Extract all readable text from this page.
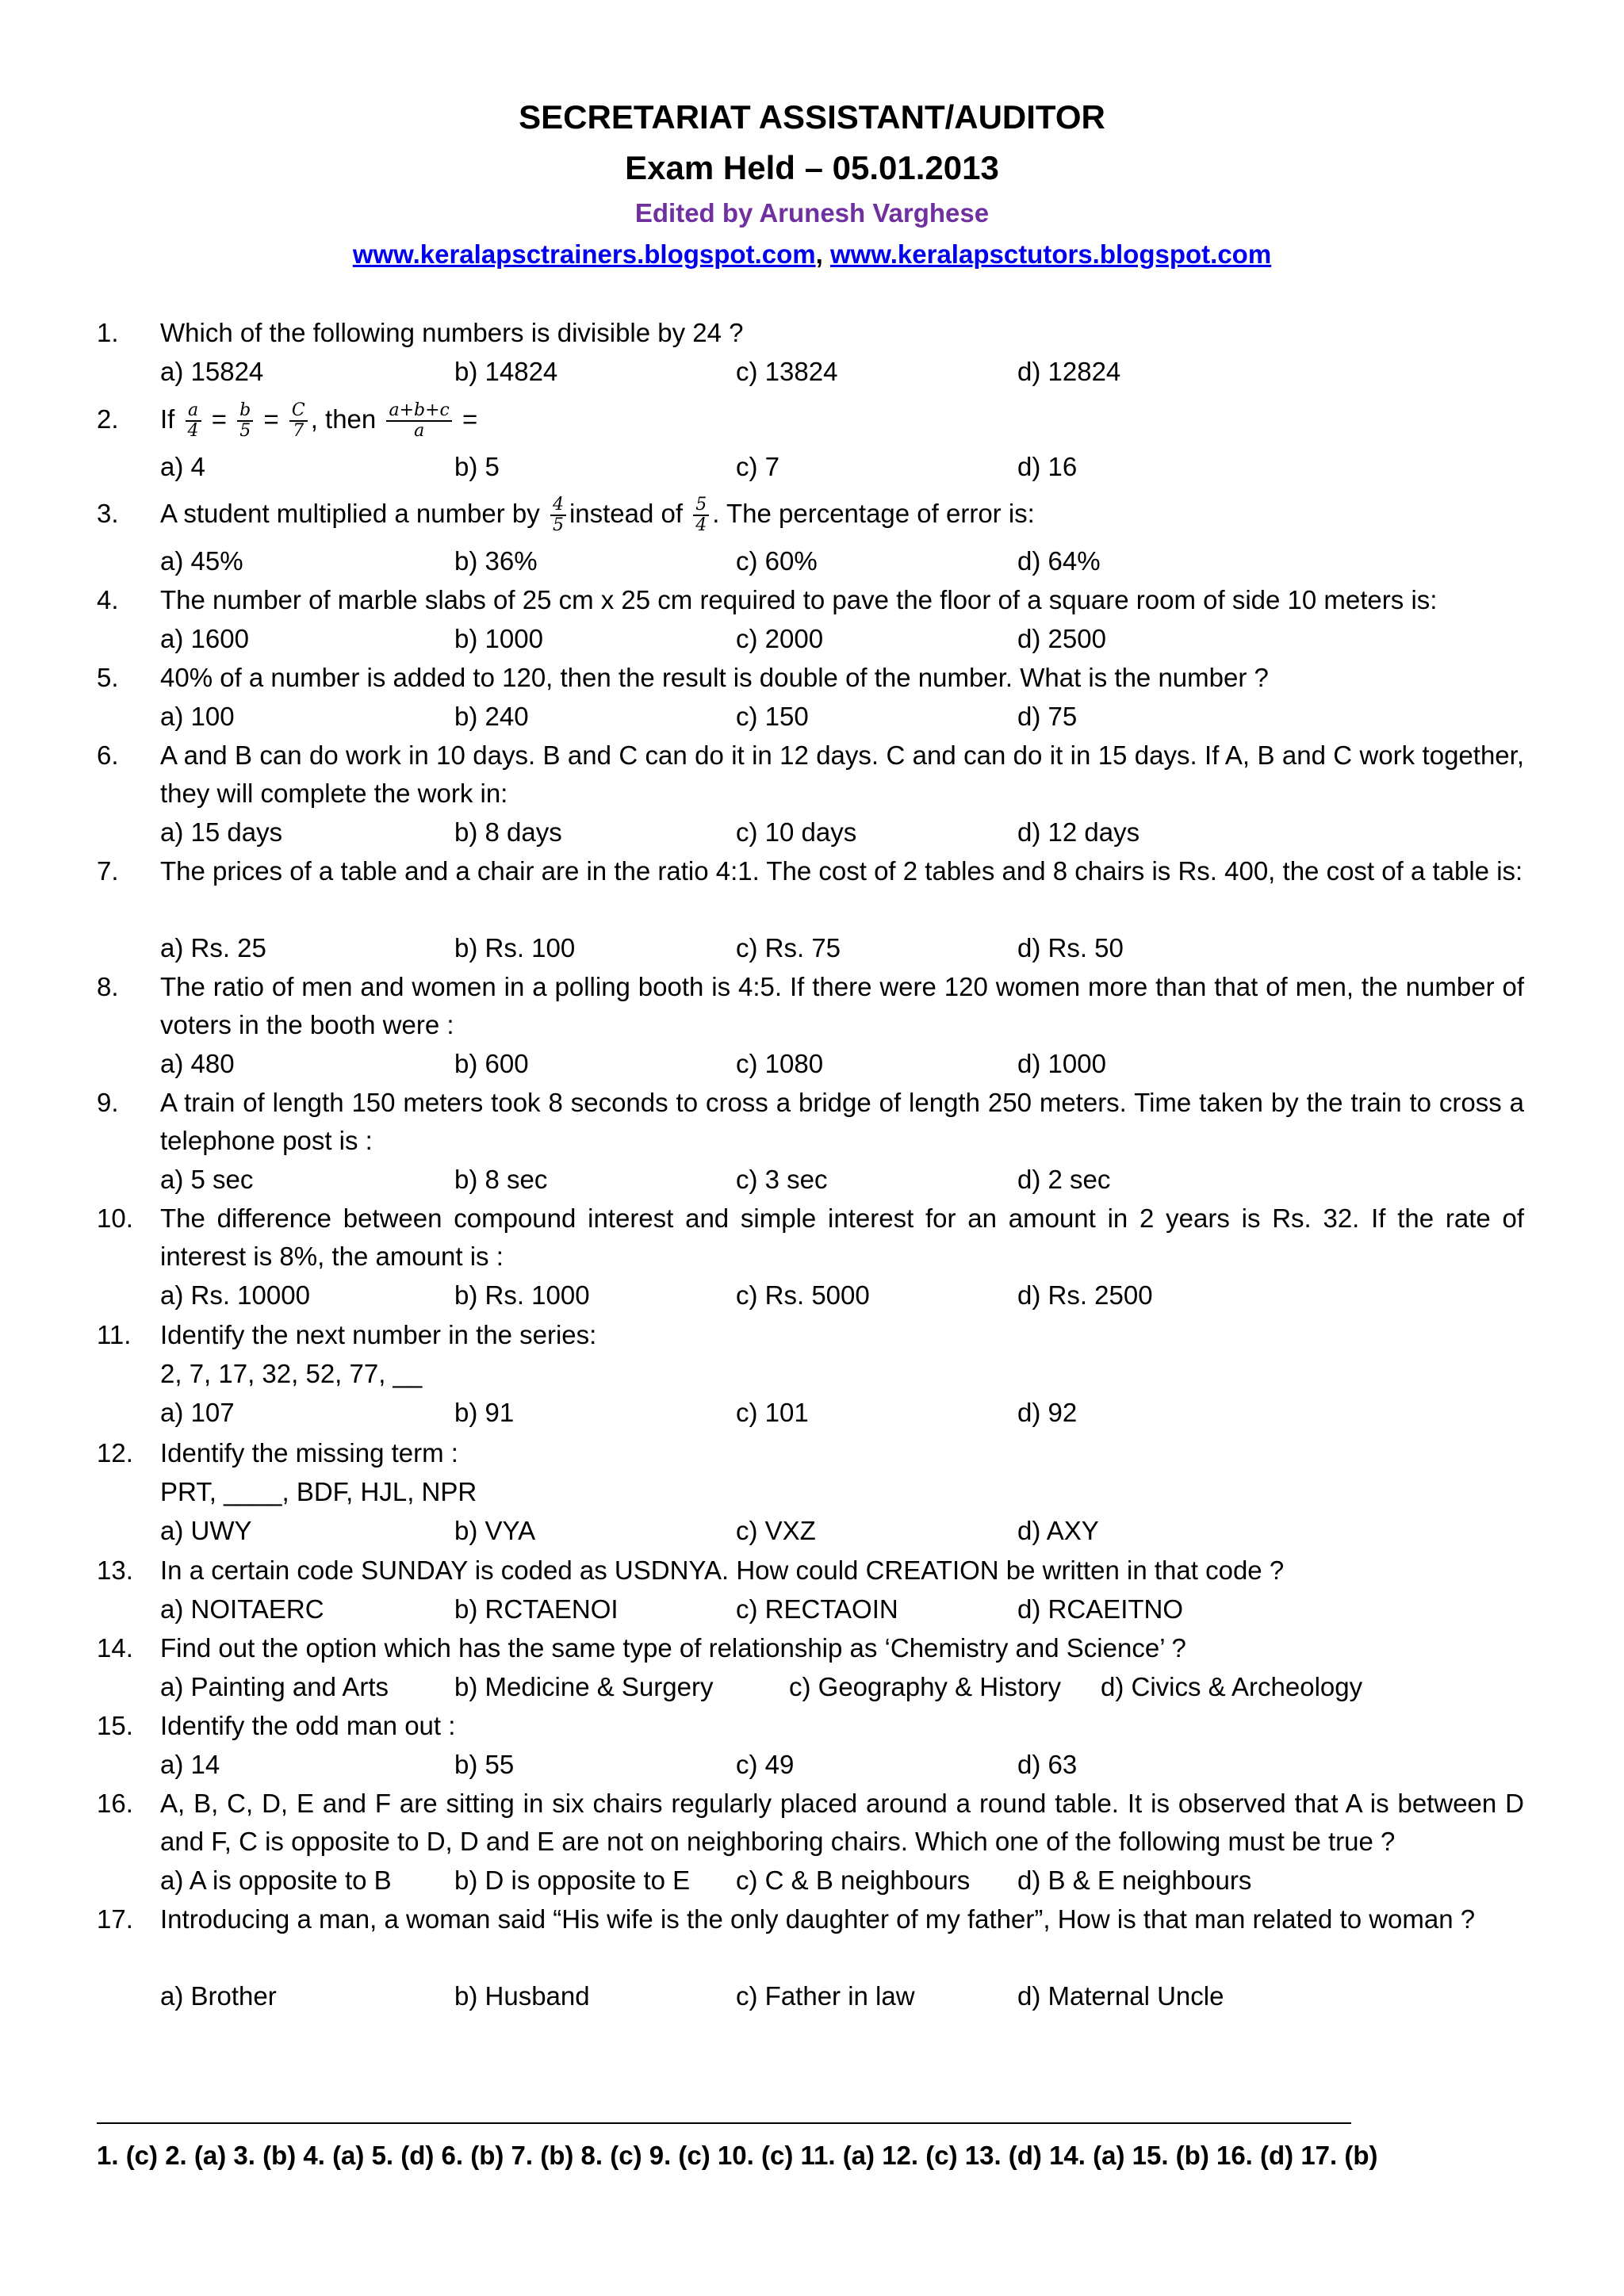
SECRETARIAT ASSISTANT/AUDITOR
Exam Held – 05.01.2013
Edited by Arunesh Varghese
www.keralapsctrainers.blogspot.com, www.keralapsctutors.blogspot.com
1. Which of the following numbers is divisible by 24 ?
a) 15824	b) 14824	c) 13824	d) 12824
2. If $\frac{a}{4} = \frac{b}{5} = \frac{C}{7}$ , then $\frac{a+b+c}{a}$ =
a) 4	b) 5	c) 7	d) 16
3. A student multiplied a number by $\frac{4}{5}$ instead of $\frac{5}{4}$ . The percentage of error is:
a) 45%	b) 36%	c) 60%	d) 64%
4. The number of marble slabs of 25 cm x 25 cm required to pave the floor of a square room of side 10 meters is:
a) 1600	b) 1000	c) 2000	d) 2500
5. 40% of a number is added to 120, then the result is double of the number. What is the number ?
a) 100	b) 240	c) 150	d) 75
6. A and B can do work in 10 days. B and C can do it in 12 days. C and can do it in 15 days. If A, B and C work together, they will complete the work in:
a) 15 days	b) 8 days	c) 10 days	d) 12 days
7. The prices of a table and a chair are in the ratio 4:1. The cost of 2 tables and 8 chairs is Rs. 400, the cost of a table is:
a) Rs. 25	b) Rs. 100	c) Rs. 75	d) Rs. 50
8. The ratio of men and women in a polling booth is 4:5. If there were 120 women more than that of men, the number of voters in the booth were :
a) 480	b) 600	c) 1080	d) 1000
9. A train of length 150 meters took 8 seconds to cross a bridge of length 250 meters. Time taken by the train to cross a telephone post is :
a) 5 sec	b) 8 sec	c) 3 sec	d) 2 sec
10. The difference between compound interest and simple interest for an amount in 2 years is Rs. 32. If the rate of interest is 8%, the amount is :
a) Rs. 10000	b) Rs. 1000	c) Rs. 5000	d) Rs. 2500
11. Identify the next number in the series:
2, 7, 17, 32, 52, 77, __
a) 107	b) 91	c) 101	d) 92
12. Identify the missing term :
PRT, ____, BDF, HJL, NPR
a) UWY	b) VYA	c) VXZ	d) AXY
13. In a certain code SUNDAY is coded as USDNYA. How could CREATION be written in that code ?
a) NOITAERC	b) RCTAENOI	c) RECTAOIN	d) RCAEITNO
14. Find out the option which has the same type of relationship as ‘Chemistry and Science’ ?
a) Painting and Arts	b) Medicine & Surgery	c) Geography & History d) Civics & Archeology
15. Identify the odd man out :
a) 14	b) 55	c) 49	d) 63
16. A, B, C, D, E and F are sitting in six chairs regularly placed around a round table. It is observed that A is between D and F, C is opposite to D, D and E are not on neighboring chairs. Which one of the following must be true ?
a) A is opposite to B b) D is opposite to E c) C & B neighbours d) B & E neighbours
17. Introducing a man, a woman said “His wife is the only daughter of my father”, How is that man related to woman ?
a) Brother	b) Husband	c) Father in law	d) Maternal Uncle
1. (c) 2. (a) 3. (b) 4. (a) 5. (d) 6. (b) 7. (b) 8. (c) 9. (c) 10. (c) 11. (a) 12. (c) 13. (d) 14. (a) 15. (b) 16. (d) 17. (b)
